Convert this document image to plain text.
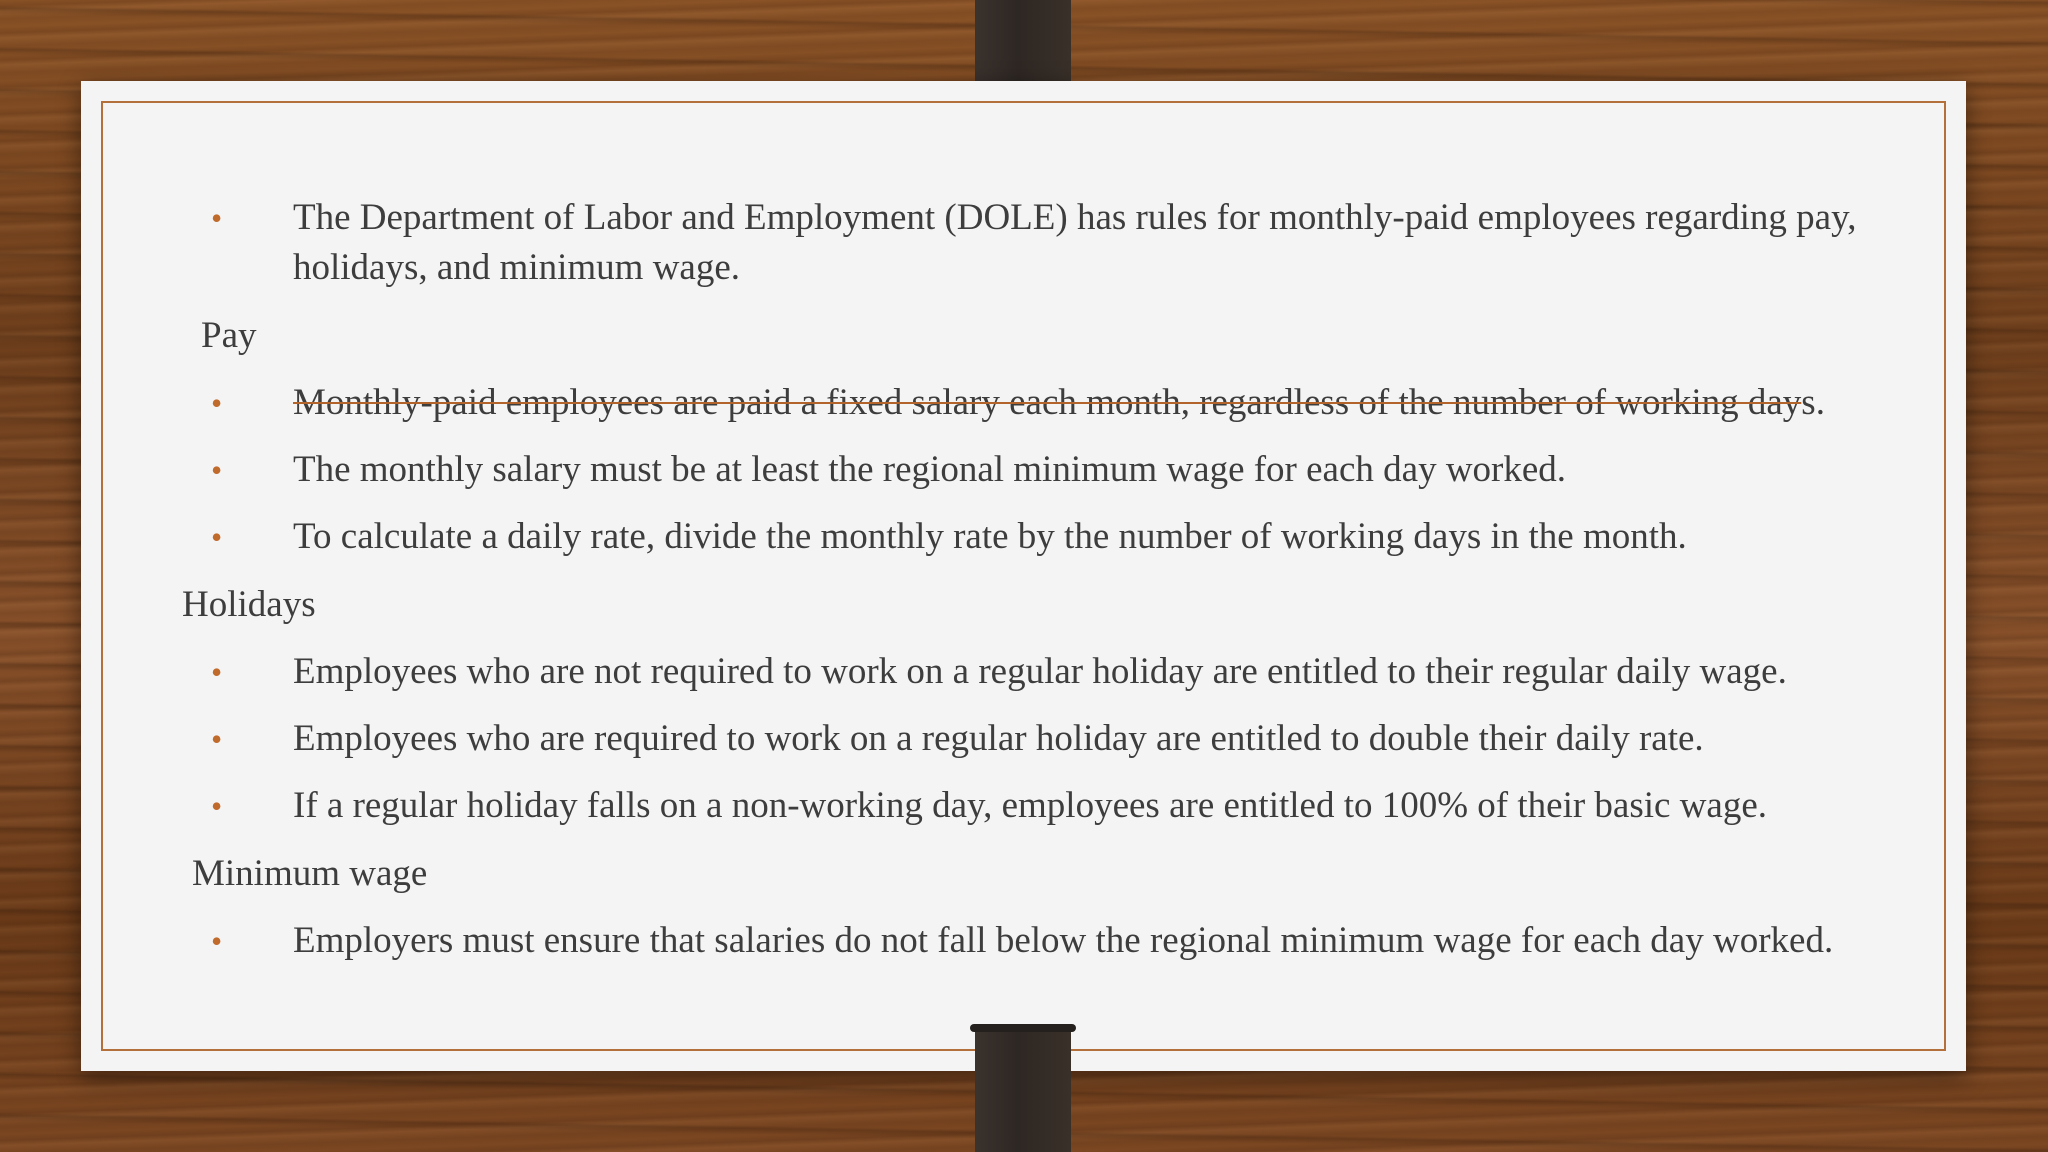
• The Department of Labor and Employment (DOLE) has rules for monthly-paid employees regarding pay, holidays, and minimum wage.
Pay
• Monthly-paid employees are paid a fixed salary each month, regardless of the number of working days.
• The monthly salary must be at least the regional minimum wage for each day worked.
• To calculate a daily rate, divide the monthly rate by the number of working days in the month.
Holidays
• Employees who are not required to work on a regular holiday are entitled to their regular daily wage.
• Employees who are required to work on a regular holiday are entitled to double their daily rate.
• If a regular holiday falls on a non-working day, employees are entitled to 100% of their basic wage.
Minimum wage
• Employers must ensure that salaries do not fall below the regional minimum wage for each day worked.
